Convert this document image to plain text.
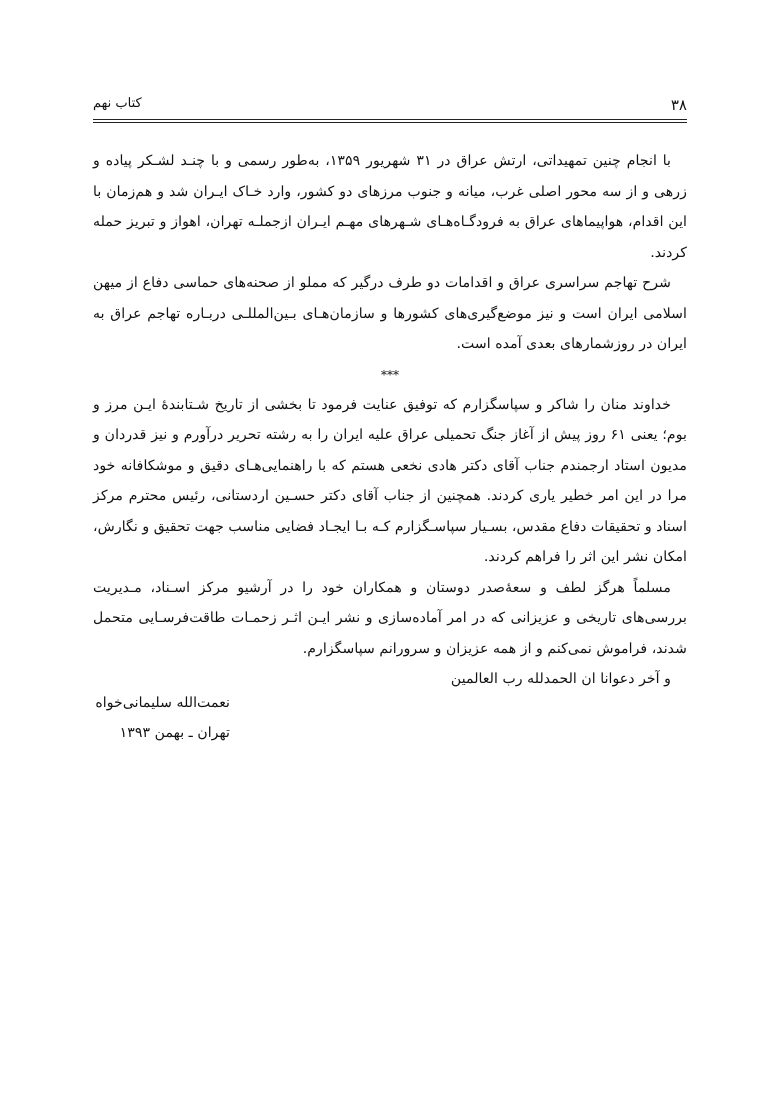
۳۸
کتاب نهم

با انجام چنین تمهیداتی، ارتش عراق در ۳۱ شهریور ۱۳۵۹، به‌طور رسمی و با چنـد لشـکر پیاده و زرهی و از سه محور اصلی غرب، میانه و جنوب مرزهای دو کشور، وارد خـاک ایـران شد و هم‌زمان با این اقدام، هواپیماهای عراق به فرودگـاه‌هـای شـهرهای مهـم ایـران ازجملـه تهران، اهواز و تبریز حمله کردند.

شرح تهاجم سراسری عراق و اقدامات دو طرف درگیر که مملو از صحنه‌های حماسی دفاع از میهن اسلامی ایران است و نیز موضع‌گیری‌های کشورها و سازمان‌هـای بـین‌المللـی دربـاره تهاجم عراق به ایران در روزشمارهای بعدی آمده است.

***

خداوند منان را شاکر و سپاسگزارم که توفیق عنایت فرمود تا بخشی از تاریخ شـتابندهٔ ایـن مرز و بوم؛ یعنی ۶۱ روز پیش از آغاز جنگ تحمیلی عراق علیه ایران را به رشته تحریر درآورم و نیز قدردان و مدیون استاد ارجمندم جناب آقای دکتر هادی نخعی هستم که با راهنمایی‌هـای دقیق و موشکافانه خود مرا در این امر خطیر یاری کردند. همچنین از جناب آقای دکتر حسـین اردستانی، رئیس محترم مرکز اسناد و تحقیقات دفاع مقدس، بسـیار سپاسـگزارم کـه بـا ایجـاد فضایی مناسب جهت تحقیق و نگارش، امکان نشر این اثر را فراهم کردند.

مسلماً هرگز لطف و سعهٔ‌صدر دوستان و همکاران خود را در آرشیو مرکز اسـناد، مـدیریت بررسی‌های تاریخی و عزیزانی که در امر آماده‌سازی و نشر ایـن اثـر زحمـات طاقت‌فرسـایی متحمل شدند، فراموش نمی‌کنم و از همه عزیزان و سرورانم سپاسگزارم.

و آخر دعوانا ان الحمدلله رب العالمین

نعمت‌الله سلیمانی‌خواه
تهران ـ بهمن ۱۳۹۳
